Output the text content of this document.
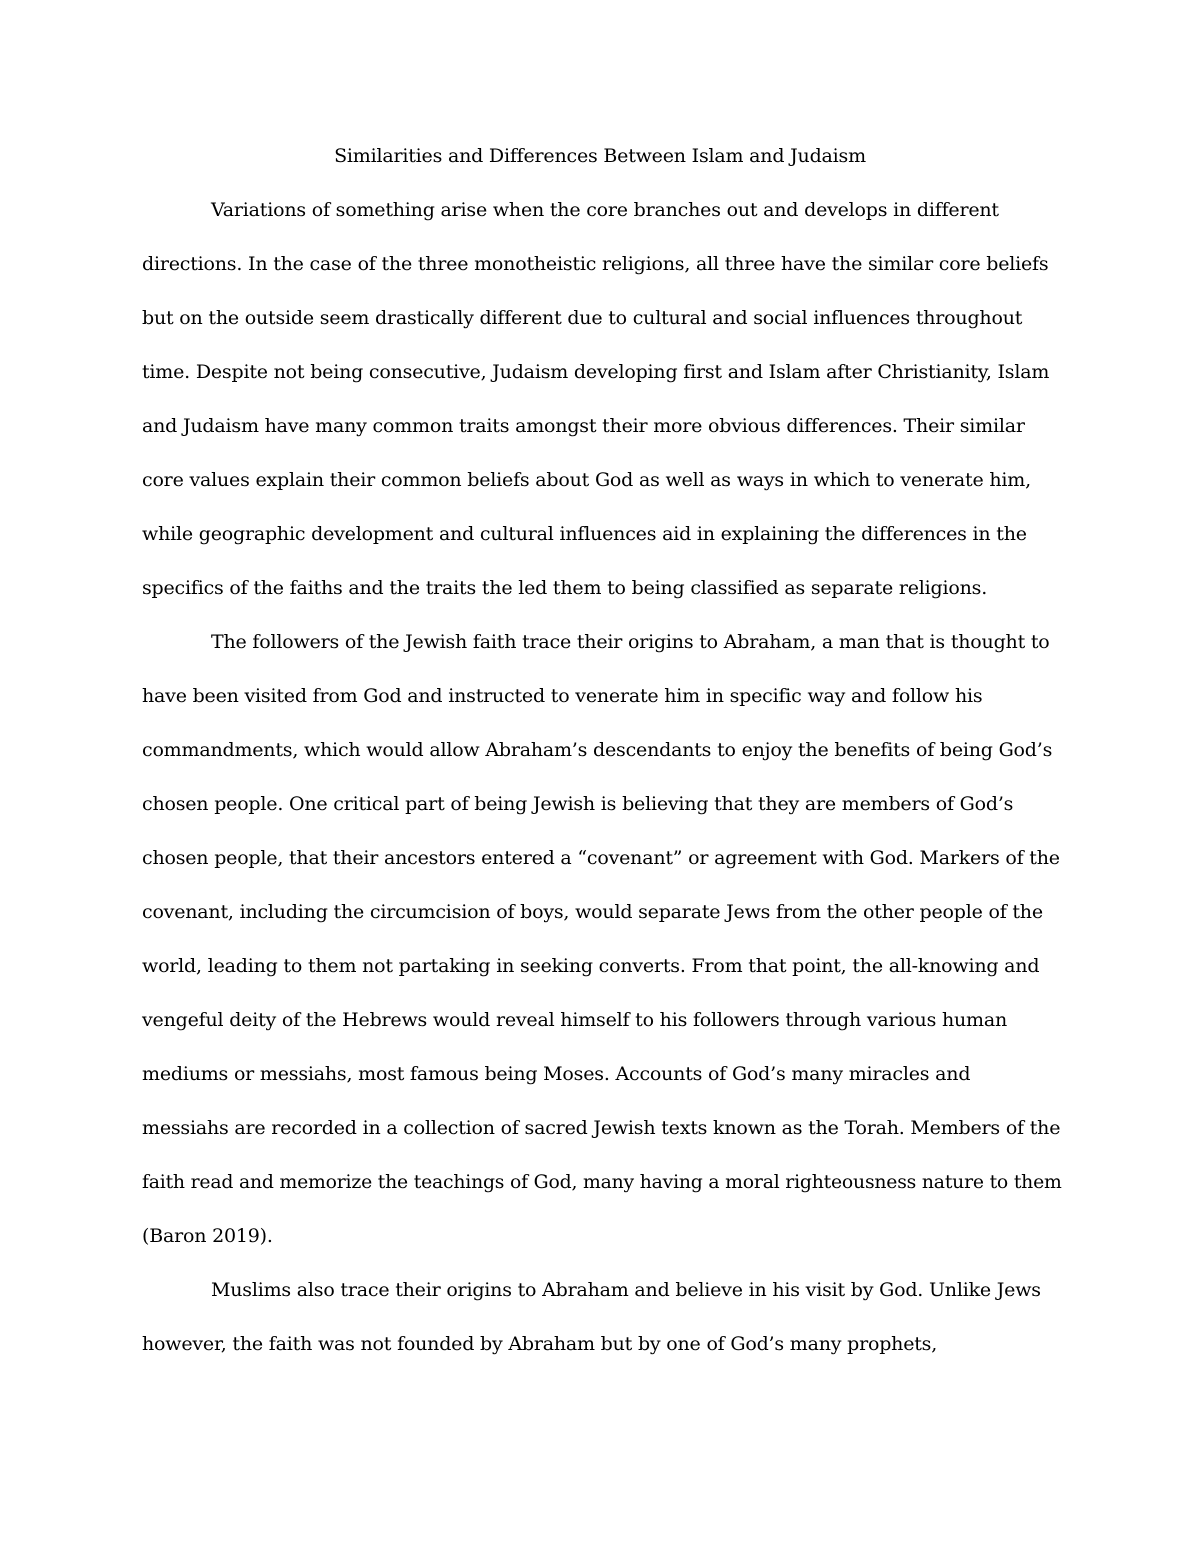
Similarities and Differences Between Islam and Judaism
Variations of something arise when the core branches out and develops in different
directions. In the case of the three monotheistic religions, all three have the similar core beliefs
but on the outside seem drastically different due to cultural and social influences throughout
time. Despite not being consecutive, Judaism developing first and Islam after Christianity, Islam
and Judaism have many common traits amongst their more obvious differences. Their similar
core values explain their common beliefs about God as well as ways in which to venerate him,
while geographic development and cultural influences aid in explaining the differences in the
specifics of the faiths and the traits the led them to being classified as separate religions.
The followers of the Jewish faith trace their origins to Abraham, a man that is thought to
have been visited from God and instructed to venerate him in specific way and follow his
commandments, which would allow Abraham’s descendants to enjoy the benefits of being God’s
chosen people. One critical part of being Jewish is believing that they are members of God’s
chosen people, that their ancestors entered a “covenant” or agreement with God. Markers of the
covenant, including the circumcision of boys, would separate Jews from the other people of the
world, leading to them not partaking in seeking converts. From that point, the all-knowing and
vengeful deity of the Hebrews would reveal himself to his followers through various human
mediums or messiahs, most famous being Moses. Accounts of God’s many miracles and
messiahs are recorded in a collection of sacred Jewish texts known as the Torah. Members of the
faith read and memorize the teachings of God, many having a moral righteousness nature to them
(Baron 2019).
Muslims also trace their origins to Abraham and believe in his visit by God. Unlike Jews
however, the faith was not founded by Abraham but by one of God’s many prophets,
